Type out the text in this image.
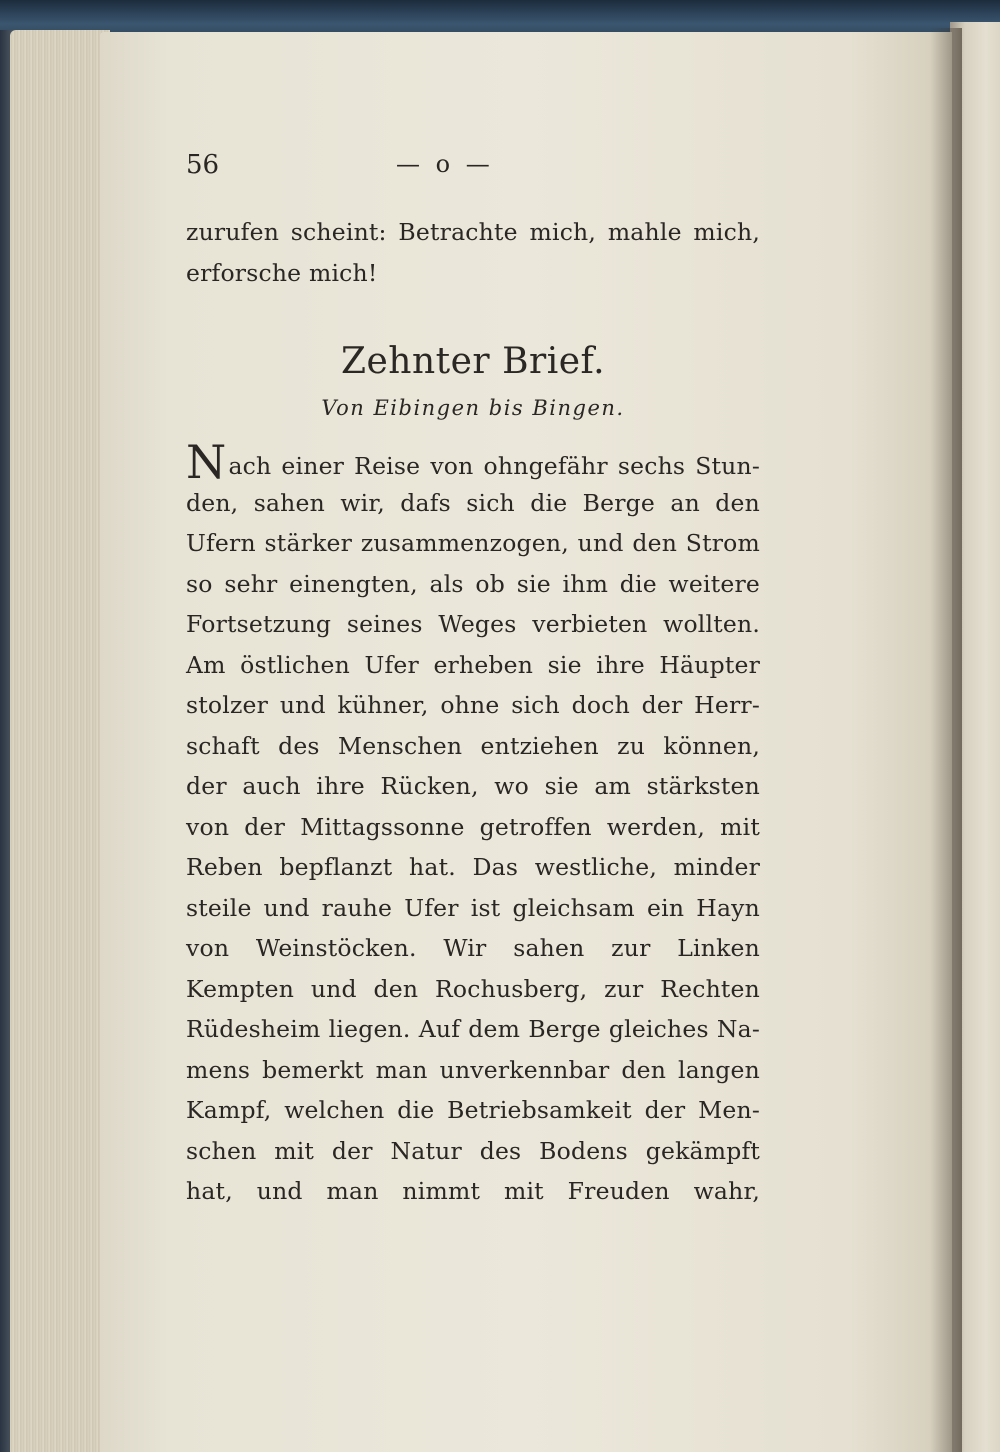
56	— o —
zurufen scheint: Betrachte mich, mahle mich,
erforsche mich!
Zehnter Brief.
Von Eibingen bis Bingen.
Nach einer Reise von ohngefähr sechs Stun-
den, sahen wir, dafs sich die Berge an den
Ufern stärker zusammenzogen, und den Strom
so sehr einengten, als ob sie ihm die weitere
Fortsetzung seines Weges verbieten wollten.
Am östlichen Ufer erheben sie ihre Häupter
stolzer und kühner, ohne sich doch der Herr-
schaft des Menschen entziehen zu können,
der auch ihre Rücken, wo sie am stärksten
von der Mittagssonne getroffen werden, mit
Reben bepflanzt hat. Das westliche, minder
steile und rauhe Ufer ist gleichsam ein Hayn
von Weinstöcken. Wir sahen zur Linken
Kempten und den Rochusberg, zur Rechten
Rüdesheim liegen. Auf dem Berge gleiches Na-
mens bemerkt man unverkennbar den langen
Kampf, welchen die Betriebsamkeit der Men-
schen mit der Natur des Bodens gekämpft
hat, und man nimmt mit Freuden wahr,
